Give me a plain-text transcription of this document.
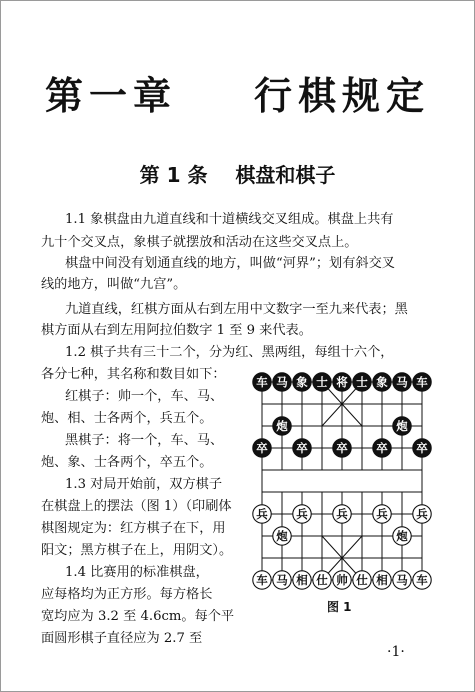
第一章    行棋规定
第 1 条    棋盘和棋子
1.1 象棋盘由九道直线和十道横线交叉组成。棋盘上共有
九十个交叉点，象棋子就摆放和活动在这些交叉点上。
棋盘中间没有划通直线的地方，叫做“河界”；划有斜交叉
线的地方，叫做“九宫”。
九道直线，红棋方面从右到左用中文数字一至九来代表；黑
棋方面从右到左用阿拉伯数字 1 至 9 来代表。
1.2 棋子共有三十二个，分为红、黑两组，每组十六个，
各分七种，其名称和数目如下：
红棋子：帅一个，车、马、
炮、相、士各两个，兵五个。
黑棋子：将一个，车、马、
炮、象、士各两个，卒五个。
1.3 对局开始前，双方棋子
在棋盘上的摆法（图 1）（印刷体
棋图规定为：红方棋子在下，用
阳文；黑方棋子在上，用阴文）。
1.4 比赛用的标准棋盘，
应每格均为正方形。每方格长
宽均应为 3.2 至 4.6cm。每个平
面圆形棋子直径应为 2.7 至
车 马 象 士 将 士 象 马 车
炮	炮
卒 卒 卒 卒 卒
兵 兵 兵 兵 兵
炮	炮
车 马 相 仕 帅 仕 相 马 车
图 1
·1·
